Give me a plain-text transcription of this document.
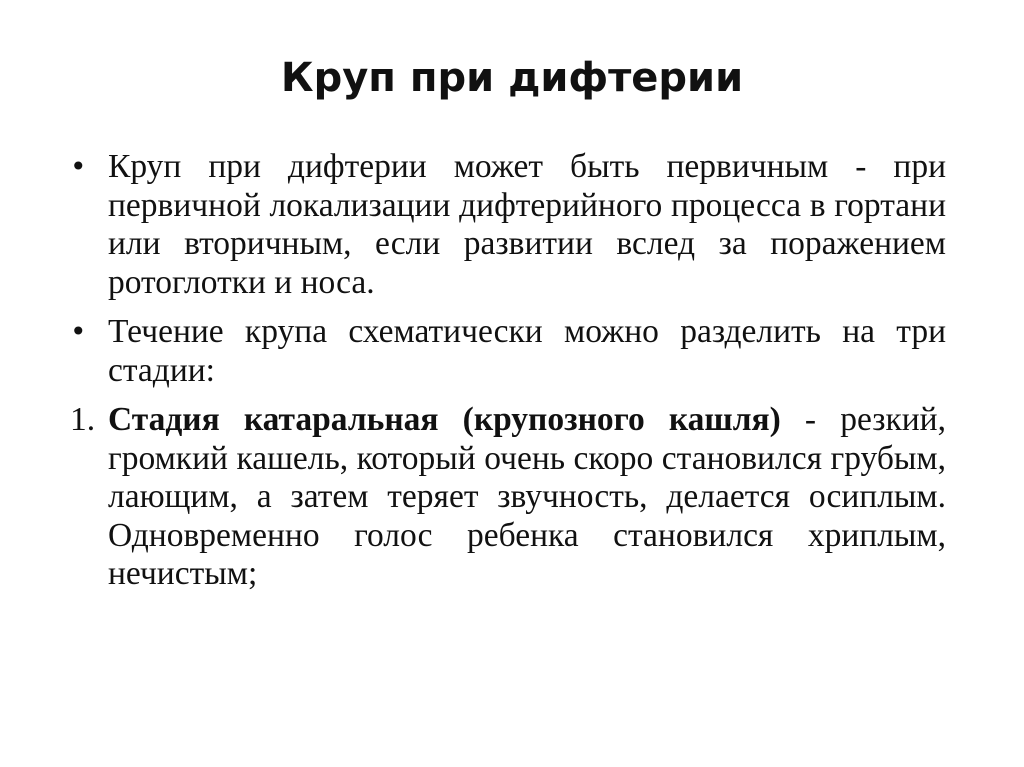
Круп при дифтерии

• Круп при дифтерии может быть первичным - при первичной локализации дифтерийного процесса в гортани или вторичным, если развитии вслед за поражением ротоглотки и носа.

• Течение крупа схематически можно разделить на три стадии:

1. Стадия катаральная (крупозного кашля) - резкий, громкий кашель, который очень скоро становился грубым, лающим, а затем теряет звучность, делается осиплым. Одновременно голос ребенка становился хриплым, нечистым;
